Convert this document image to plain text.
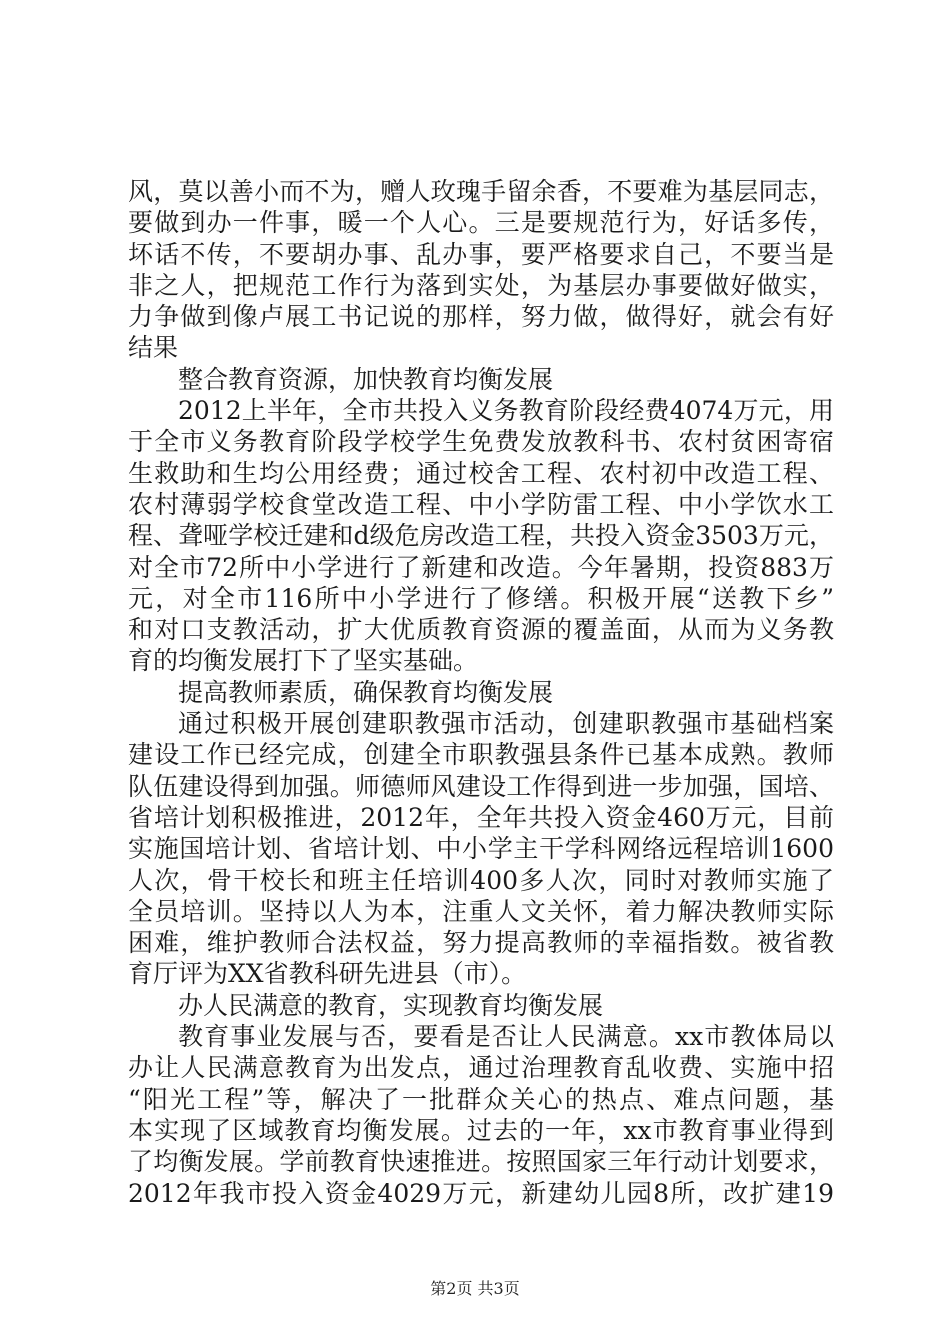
风，莫以善小而不为，赠人玫瑰手留余香，不要难为基层同志，
要做到办一件事，暖一个人心。三是要规范行为，好话多传，
坏话不传，不要胡办事、乱办事，要严格要求自己，不要当是
非之人，把规范工作行为落到实处，为基层办事要做好做实，
力争做到像卢展工书记说的那样，努力做，做得好，就会有好
结果
整合教育资源，加快教育均衡发展
2012上半年，全市共投入义务教育阶段经费4074万元，用
于全市义务教育阶段学校学生免费发放教科书、农村贫困寄宿
生救助和生均公用经费；通过校舍工程、农村初中改造工程、
农村薄弱学校食堂改造工程、中小学防雷工程、中小学饮水工
程、聋哑学校迁建和d级危房改造工程，共投入资金3503万元，
对全市72所中小学进行了新建和改造。今年暑期，投资883万
元，对全市116所中小学进行了修缮。积极开展“送教下乡”
和对口支教活动，扩大优质教育资源的覆盖面，从而为义务教
育的均衡发展打下了坚实基础。
提高教师素质，确保教育均衡发展
通过积极开展创建职教强市活动，创建职教强市基础档案
建设工作已经完成，创建全市职教强县条件已基本成熟。教师
队伍建设得到加强。师德师风建设工作得到进一步加强，国培、
省培计划积极推进，2012年，全年共投入资金460万元，目前
实施国培计划、省培计划、中小学主干学科网络远程培训1600
人次，骨干校长和班主任培训400多人次，同时对教师实施了
全员培训。坚持以人为本，注重人文关怀，着力解决教师实际
困难，维护教师合法权益，努力提高教师的幸福指数。被省教
育厅评为XX省教科研先进县（市）。
办人民满意的教育，实现教育均衡发展
教育事业发展与否，要看是否让人民满意。xx市教体局以
办让人民满意教育为出发点，通过治理教育乱收费、实施中招
“阳光工程”等，解决了一批群众关心的热点、难点问题，基
本实现了区域教育均衡发展。过去的一年，xx市教育事业得到
了均衡发展。学前教育快速推进。按照国家三年行动计划要求，
2012年我市投入资金4029万元，新建幼儿园8所，改扩建19
第2页 共3页
